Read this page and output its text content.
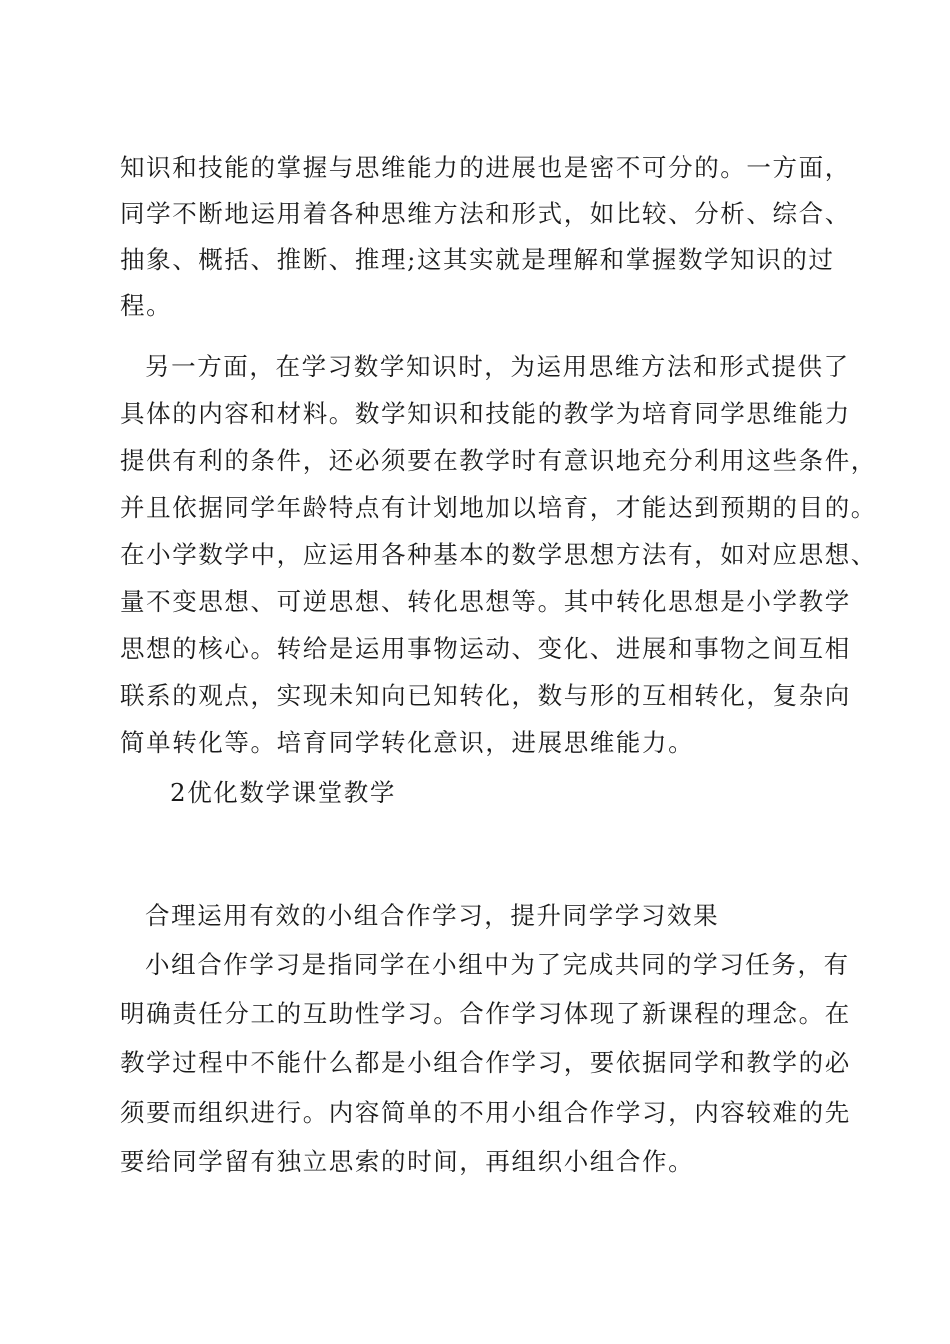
知识和技能的掌握与思维能力的进展也是密不可分的。一方面，
同学不断地运用着各种思维方法和形式，如比较、分析、综合、
抽象、概括、推断、推理;这其实就是理解和掌握数学知识的过
程。
另一方面，在学习数学知识时，为运用思维方法和形式提供了
具体的内容和材料。数学知识和技能的教学为培育同学思维能力
提供有利的条件，还必须要在教学时有意识地充分利用这些条件，
并且依据同学年龄特点有计划地加以培育，才能达到预期的目的。
在小学数学中，应运用各种基本的数学思想方法有，如对应思想、
量不变思想、可逆思想、转化思想等。其中转化思想是小学教学
思想的核心。转给是运用事物运动、变化、进展和事物之间互相
联系的观点，实现未知向已知转化，数与形的互相转化，复杂向
简单转化等。培育同学转化意识，进展思维能力。
2优化数学课堂教学
合理运用有效的小组合作学习，提升同学学习效果
小组合作学习是指同学在小组中为了完成共同的学习任务，有
明确责任分工的互助性学习。合作学习体现了新课程的理念。在
教学过程中不能什么都是小组合作学习，要依据同学和教学的必
须要而组织进行。内容简单的不用小组合作学习，内容较难的先
要给同学留有独立思索的时间，再组织小组合作。
